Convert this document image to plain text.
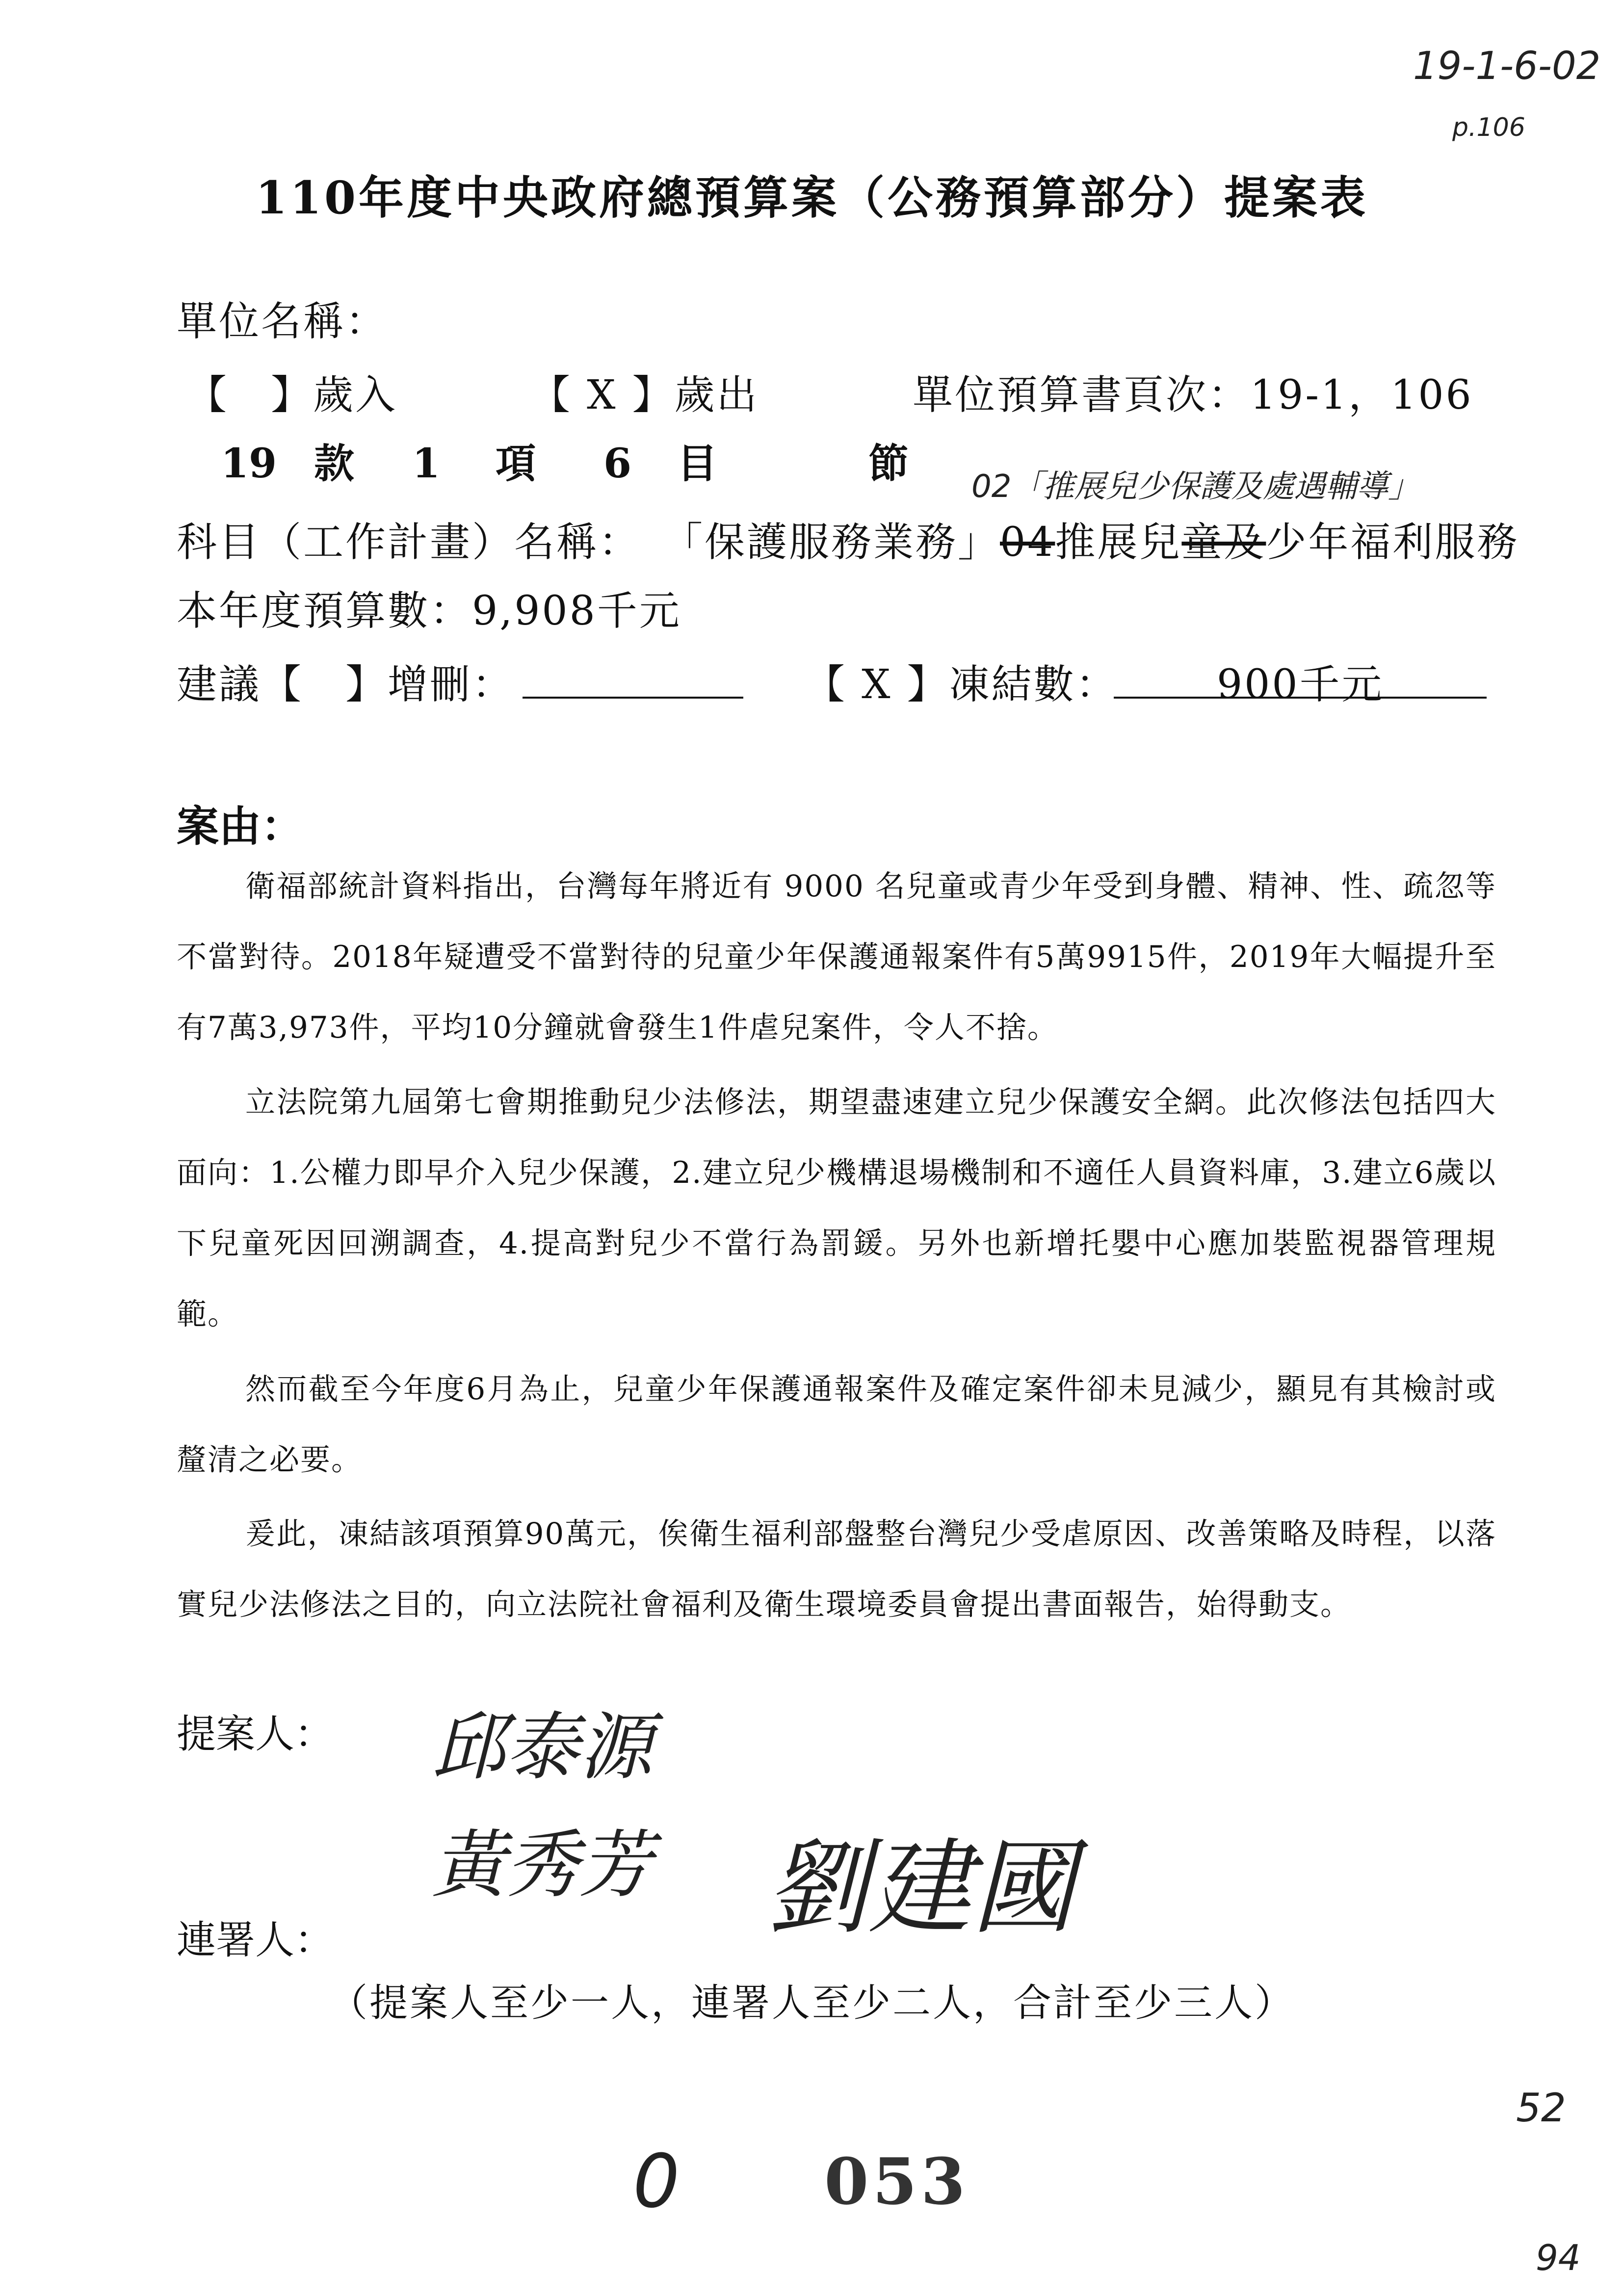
19-1-6-02
p.106
110年度中央政府總預算案（公務預算部分）提案表
單位名稱：
【　】歲入	【 X 】歲出	單位預算書頁次：19-1，106
19 款 1 項 6 目	節 02「推展兒少保護及處遇輔導」
科目（工作計畫）名稱： 「保護服務業務」04推展兒童及少年福利服務
本年度預算數：9,908千元
建議【　】增刪：	【 X 】凍結數： 900千元
案由：
衛福部統計資料指出，台灣每年將近有 9000 名兒童或青少年受到身體、精神、性、疏忽等不當對待。2018年疑遭受不當對待的兒童少年保護通報案件有5萬9915件，2019年大幅提升至有7萬3,973件，平均10分鐘就會發生1件虐兒案件，令人不捨。
立法院第九屆第七會期推動兒少法修法，期望盡速建立兒少保護安全網。此次修法包括四大面向：1.公權力即早介入兒少保護，2.建立兒少機構退場機制和不適任人員資料庫，3.建立6歲以下兒童死因回溯調查，4.提高對兒少不當行為罰鍰。另外也新增托嬰中心應加裝監視器管理規範。
然而截至今年度6月為止，兒童少年保護通報案件及確定案件卻未見減少，顯見有其檢討或釐清之必要。
爰此，凍結該項預算90萬元，俟衛生福利部盤整台灣兒少受虐原因、改善策略及時程，以落實兒少法修法之目的，向立法院社會福利及衛生環境委員會提出書面報告，始得動支。
提案人： 邱泰源
黃秀芳 劉建國
連署人：
（提案人至少一人，連署人至少二人，合計至少三人）
0 053
52
94
